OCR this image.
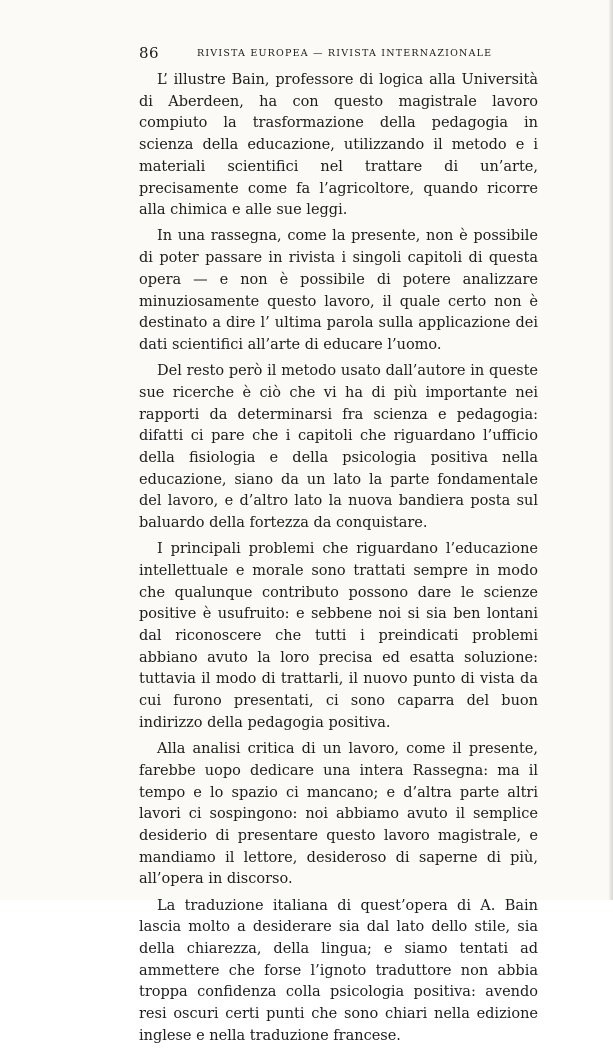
86	RIVISTA EUROPEA — RIVISTA INTERNAZIONALE

L’ illustre Bain, professore di logica alla Università di Aberdeen, ha con questo magistrale lavoro compiuto la trasformazione della pedagogia in scienza della educazione, utilizzando il metodo e i materiali scientifici nel trattare di un’arte, precisamente come fa l’agricoltore, quando ricorre alla chimica e alle sue leggi.

In una rassegna, come la presente, non è possibile di poter passare in rivista i singoli capitoli di questa opera — e non è possibile di potere analizzare minuziosamente questo lavoro, il quale certo non è destinato a dire l’ ultima parola sulla applicazione dei dati scientifici all’arte di educare l’uomo.

Del resto però il metodo usato dall’autore in queste sue ricerche è ciò che vi ha di più importante nei rapporti da determinarsi fra scienza e pedagogia: difatti ci pare che i capitoli che riguardano l’ufficio della fisiologia e della psicologia positiva nella educazione, siano da un lato la parte fondamentale del lavoro, e d’altro lato la nuova bandiera posta sul baluardo della fortezza da conquistare.

I principali problemi che riguardano l’educazione intellettuale e morale sono trattati sempre in modo che qualunque contributo possono dare le scienze positive è usufruito: e sebbene noi si sia ben lontani dal riconoscere che tutti i preindicati problemi abbiano avuto la loro precisa ed esatta soluzione: tuttavia il modo di trattarli, il nuovo punto di vista da cui furono presentati, ci sono caparra del buon indirizzo della pedagogia positiva.

Alla analisi critica di un lavoro, come il presente, farebbe uopo dedicare una intera Rassegna: ma il tempo e lo spazio ci mancano; e d’altra parte altri lavori ci sospingono: noi abbiamo avuto il semplice desiderio di presentare questo lavoro magistrale, e mandiamo il lettore, desideroso di saperne di più, all’opera in discorso.

La traduzione italiana di quest’opera di A. Bain lascia molto a desiderare sia dal lato dello stile, sia della chiarezza, della lingua; e siamo tentati ad ammettere che forse l’ignoto traduttore non abbia troppa confidenza colla psicologia positiva: avendo resi oscuri certi punti che sono chiari nella edizione inglese e nella traduzione francese.
